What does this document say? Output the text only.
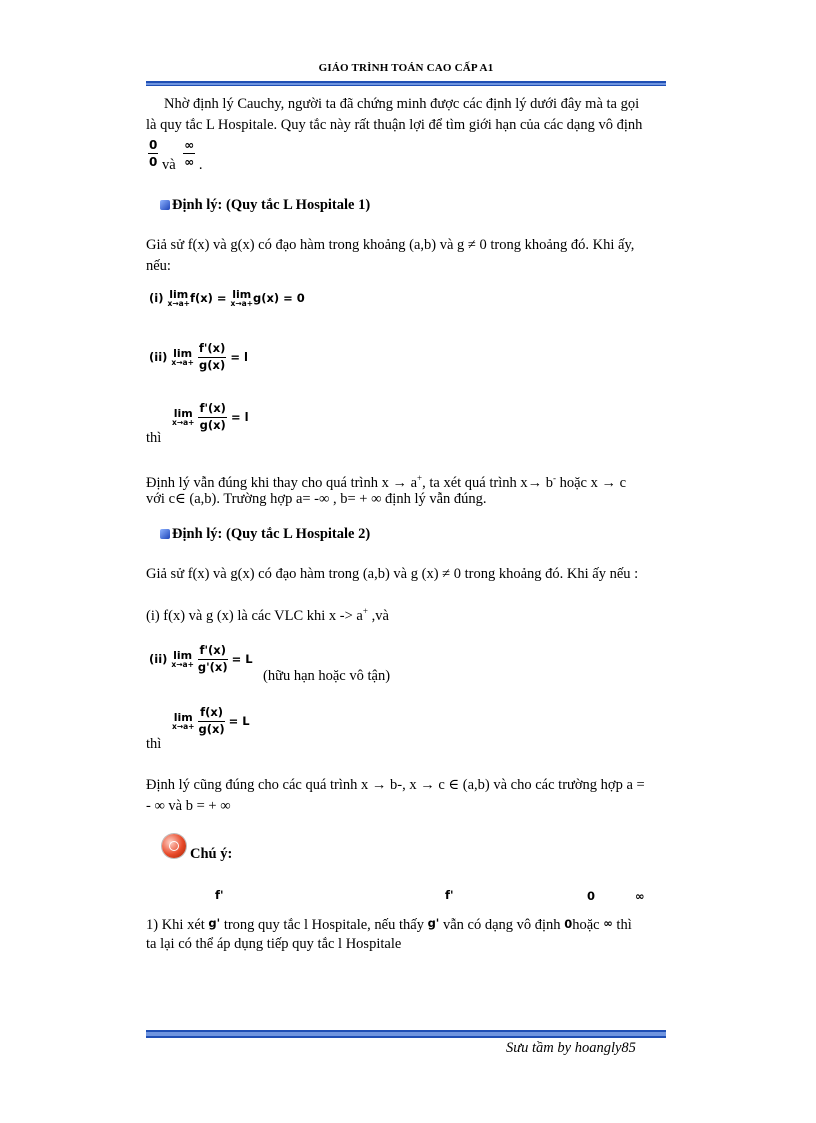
GIÁO TRÌNH TOÁN CAO CẤP A1
Nhờ định lý Cauchy, người ta đã chứng minh được các định lý dưới đây mà ta gọi
là quy tắc L Hospitale. Quy tắc này rất thuận lợi để tìm giới hạn của các dạng vô định
$\frac{0}{0}$ và $\frac{\infty}{\infty}$ .
Định lý: (Quy tắc L Hospitale 1)
Giả sử f(x) và g(x) có đạo hàm trong khoảng (a,b) và g ≠ 0 trong khoảng đó. Khi ấy,
nếu:
(i) lim
x→a+ f(x) = lim
x→a+ g(x) = 0
(ii) lim
x→a+
$\frac{f'(x)}{g(x)} = l$
thì
lim
x→a+
$\frac{f'(x)}{g(x)} = l$
Định lý vẫn đúng khi thay cho quá trình x → a+, ta xét quá trình x→ b- hoặc x → c
với c∈ (a,b). Trường hợp a= -∞ , b= + ∞ định lý vẫn đúng.
Định lý: (Quy tắc L Hospitale 2)
Giả sử f(x) và g(x) có đạo hàm trong (a,b) và g (x) ≠ 0 trong khoảng đó. Khi ấy nếu :
(i) f(x) và g (x) là các VLC khi x -> a+ ,và
(ii) lim
x→a+
$\frac{f'(x)}{g'(x)} = L$
(hữu hạn hoặc vô tận)
thì
lim
x→a+
$\frac{f(x)}{g(x)} = L$
Định lý cũng đúng cho các quá trình x → b-, x → c ∈ (a,b) và cho các trường hợp a =
- ∞ và b = + ∞
Chú ý:
f'	f'	0	∞
1) Khi xét g' trong quy tắc l Hospitale, nếu thấy g' vẫn có dạng vô định 0hoặc ∞ thì
ta lại có thể áp dụng tiếp quy tắc l Hospitale
Sưu tầm by hoangly85
